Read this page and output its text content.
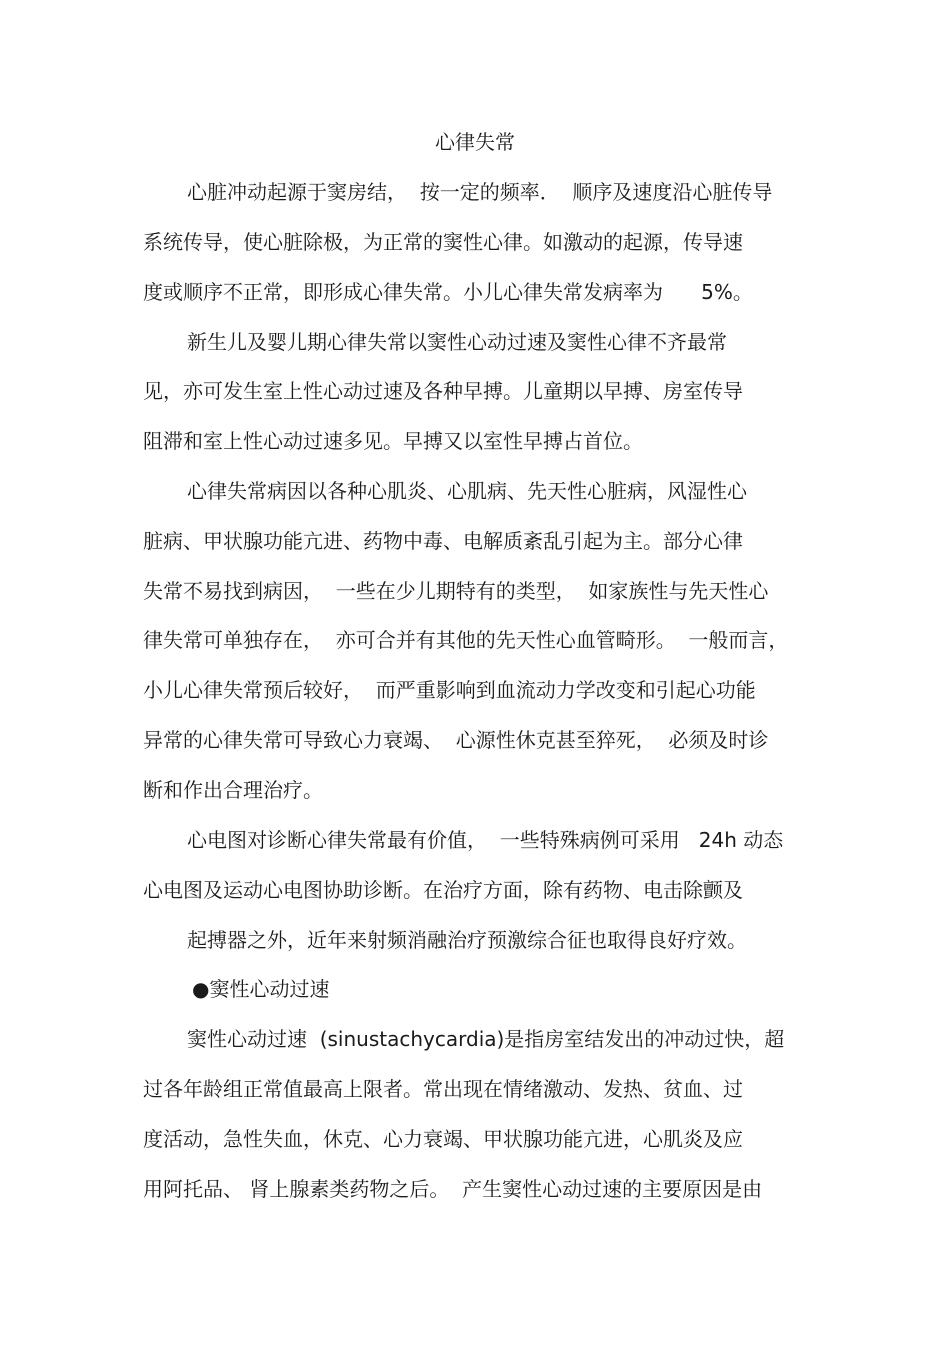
心律失常
心脏冲动起源于窦房结，  按一定的频率．  顺序及速度沿心脏传导
系统传导，使心脏除极，为正常的窦性心律。如激动的起源，传导速
度或顺序不正常，即形成心律失常。小儿心律失常发病率为      5%。
新生儿及婴儿期心律失常以窦性心动过速及窦性心律不齐最常
见，亦可发生室上性心动过速及各种早搏。儿童期以早搏、房室传导
阻滞和室上性心动过速多见。早搏又以室性早搏占首位。
心律失常病因以各种心肌炎、心肌病、先天性心脏病，风湿性心
脏病、甲状腺功能亢进、药物中毒、电解质紊乱引起为主。部分心律
失常不易找到病因，  一些在少儿期特有的类型，  如家族性与先天性心
律失常可单独存在，  亦可合并有其他的先天性心血管畸形。  一般而言，
小儿心律失常预后较好，  而严重影响到血流动力学改变和引起心功能
异常的心律失常可导致心力衰竭、  心源性休克甚至猝死，  必须及时诊
断和作出合理治疗。
心电图对诊断心律失常最有价值，  一些特殊病例可采用   24h 动态
心电图及运动心电图协助诊断。在治疗方面，除有药物、电击除颤及
起搏器之外，近年来射频消融治疗预激综合征也取得良好疗效。
●窦性心动过速
窦性心动过速  (sinustachycardia)是指房室结发出的冲动过快，超
过各年龄组正常值最高上限者。常出现在情绪激动、发热、贫血、过
度活动，急性失血，休克、心力衰竭、甲状腺功能亢进，心肌炎及应
用阿托品、 肾上腺素类药物之后。  产生窦性心动过速的主要原因是由
